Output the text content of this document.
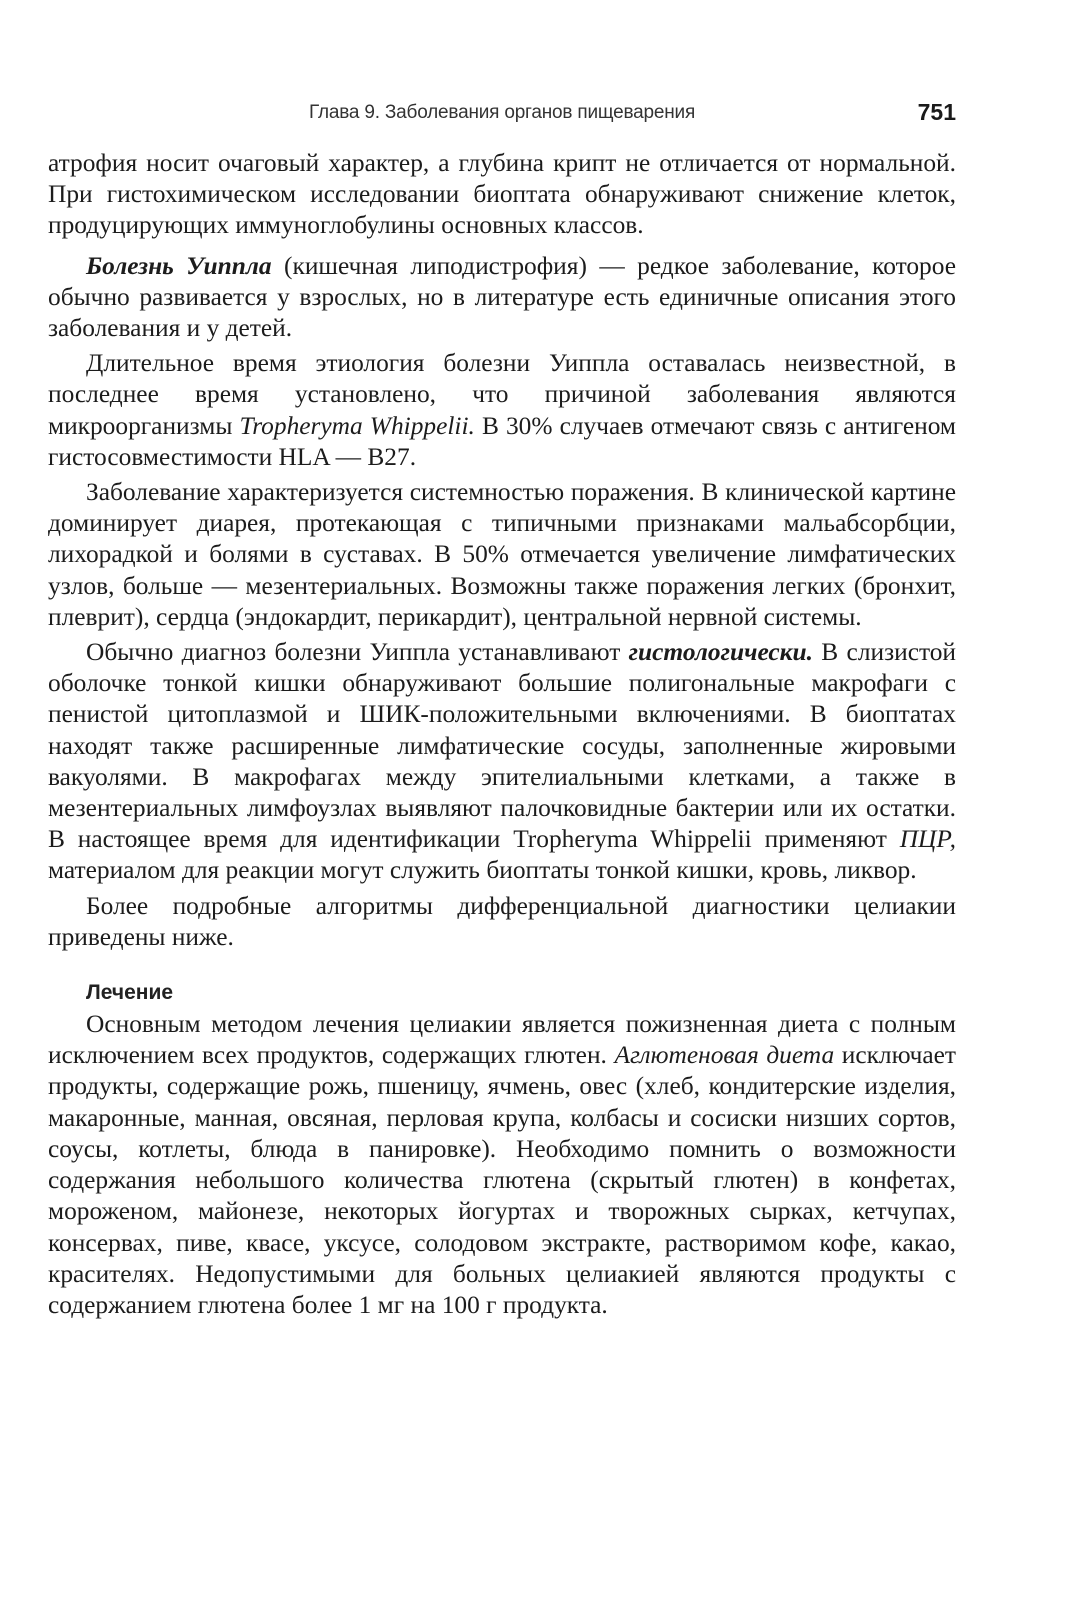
Глава 9. Заболевания органов пищеварения	751

атрофия носит очаговый характер, а глубина крипт не отличается от нормальной. При гистохимическом исследовании биоптата обнаруживают снижение клеток, продуцирующих иммуноглобулины основных классов.

Болезнь Уиппла (кишечная липодистрофия) — редкое заболевание, которое обычно развивается у взрослых, но в литературе есть единичные описания этого заболевания и у детей.

Длительное время этиология болезни Уиппла оставалась неизвестной, в последнее время установлено, что причиной заболевания являются микроорганизмы Tropheryma Whippelii. В 30% случаев отмечают связь с антигеном гистосовместимости HLA — B27.

Заболевание характеризуется системностью поражения. В клинической картине доминирует диарея, протекающая с типичными признаками мальабсорбции, лихорадкой и болями в суставах. В 50% отмечается увеличение лимфатических узлов, больше — мезентериальных. Возможны также поражения легких (бронхит, плеврит), сердца (эндокардит, перикардит), центральной нервной системы.

Обычно диагноз болезни Уиппла устанавливают гистологически. В слизистой оболочке тонкой кишки обнаруживают большие полигональные макрофаги с пенистой цитоплазмой и ШИК-положительными включениями. В биоптатах находят также расширенные лимфатические сосуды, заполненные жировыми вакуолями. В макрофагах между эпителиальными клетками, а также в мезентериальных лимфоузлах выявляют палочковидные бактерии или их остатки. В настоящее время для идентификации Tropheryma Whippelii применяют ПЦР, материалом для реакции могут служить биоптаты тонкой кишки, кровь, ликвор.

Более подробные алгоритмы дифференциальной диагностики целиакии приведены ниже.

Лечение

Основным методом лечения целиакии является пожизненная диета с полным исключением всех продуктов, содержащих глютен. Аглютеновая диета исключает продукты, содержащие рожь, пшеницу, ячмень, овес (хлеб, кондитерские изделия, макаронные, манная, овсяная, перловая крупа, колбасы и сосиски низших сортов, соусы, котлеты, блюда в панировке). Необходимо помнить о возможности содержания небольшого количества глютена (скрытый глютен) в конфетах, мороженом, майонезе, некоторых йогуртах и творожных сырках, кетчупах, консервах, пиве, квасе, уксусе, солодовом экстракте, растворимом кофе, какао, красителях. Недопустимыми для больных целиакией являются продукты с содержанием глютена более 1 мг на 100 г продукта.
